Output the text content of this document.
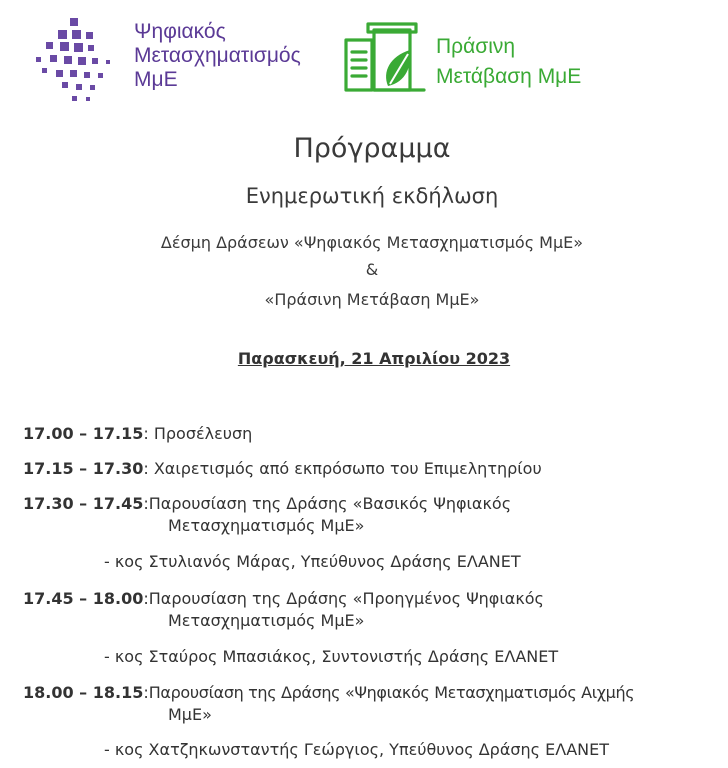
Ψηφιακός
Μετασχηματισμός
ΜμΕ
Πράσινη
Μετάβαση ΜμΕ
Πρόγραμμα
Ενημερωτική εκδήλωση
Δέσμη Δράσεων «Ψηφιακός Μετασχηματισμός ΜμΕ»
&
«Πράσινη Μετάβαση ΜμΕ»
Παρασκευή, 21 Απριλίου 2023
17.00 – 17.15: Προσέλευση
17.15 – 17.30: Χαιρετισμός από εκπρόσωπο του Επιμελητηρίου
17.30 – 17.45:Παρουσίαση της Δράσης «Βασικός Ψηφιακός
Μετασχηματισμός ΜμΕ»
- κος Στυλιανός Μάρας, Υπεύθυνος Δράσης ΕΛΑΝΕΤ
17.45 – 18.00:Παρουσίαση της Δράσης «Προηγμένος Ψηφιακός
Μετασχηματισμός ΜμΕ»
- κος Σταύρος Μπασιάκος, Συντονιστής Δράσης ΕΛΑΝΕΤ
18.00 – 18.15:Παρουσίαση της Δράσης «Ψηφιακός Μετασχηματισμός Αιχμής
ΜμΕ»
- κος Χατζηκωνσταντής Γεώργιος, Υπεύθυνος Δράσης ΕΛΑΝΕΤ
